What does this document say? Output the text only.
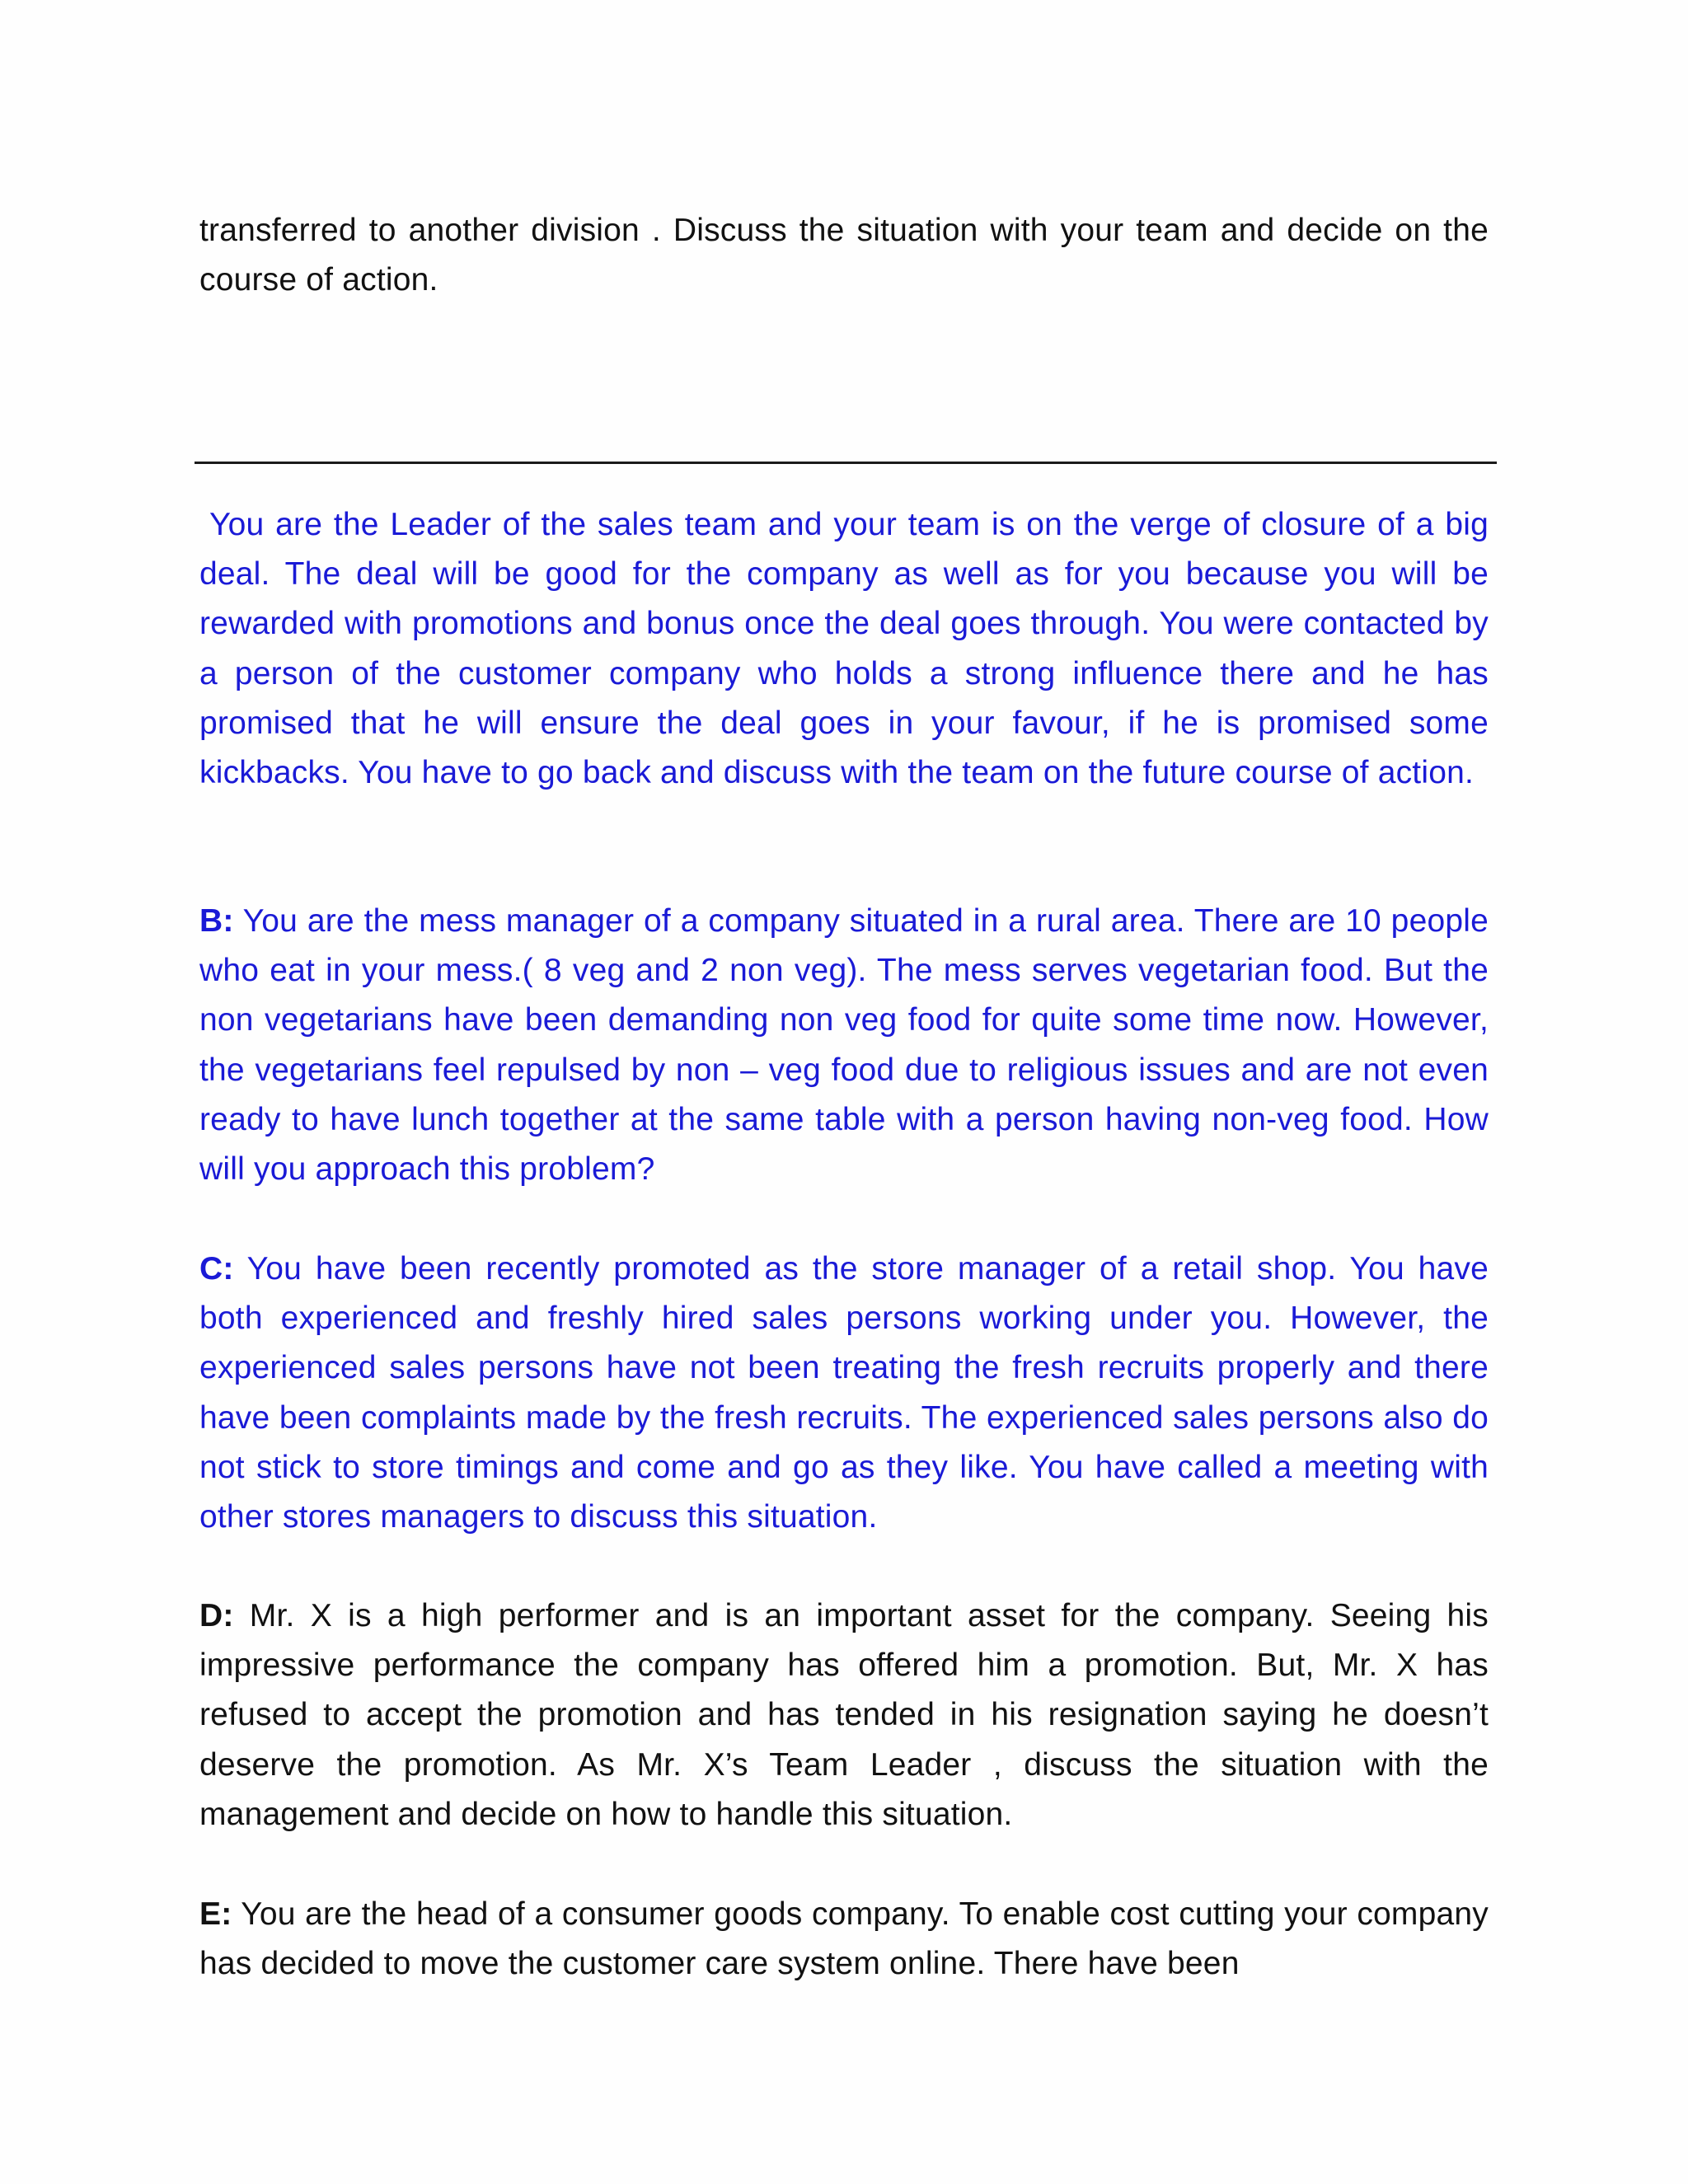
transferred to another division . Discuss the situation with your team and decide on the course of action.

You are the Leader of the sales team and your team is on the verge of closure of a big deal. The deal will be good for the company as well as for you because you will be rewarded with promotions and bonus once the deal goes through. You were contacted by a person of the customer company who holds a strong influence there and he has promised that he will ensure the deal goes in your favour, if he is promised some kickbacks. You have to go back and discuss with the team on the future course of action.

B: You are the mess manager of a company situated in a rural area. There are 10 people who eat in your mess.( 8 veg and 2 non veg). The mess serves vegetarian food. But the non vegetarians have been demanding non veg food for quite some time now. However, the vegetarians feel repulsed by non – veg food due to religious issues and are not even ready to have lunch together at the same table with a person having non-veg food. How will you approach this problem?

C: You have been recently promoted as the store manager of a retail shop. You have both experienced and freshly hired sales persons working under you. However, the experienced sales persons have not been treating the fresh recruits properly and there have been complaints made by the fresh recruits. The experienced sales persons also do not stick to store timings and come and go as they like. You have called a meeting with other stores managers to discuss this situation.

D: Mr. X is a high performer and is an important asset for the company. Seeing his impressive performance the company has offered him a promotion. But, Mr. X has refused to accept the promotion and has tended in his resignation saying he doesn’t deserve the promotion. As Mr. X’s Team Leader , discuss the situation with the management and decide on how to handle this situation.

E: You are the head of a consumer goods company. To enable cost cutting your company has decided to move the customer care system online. There have been
